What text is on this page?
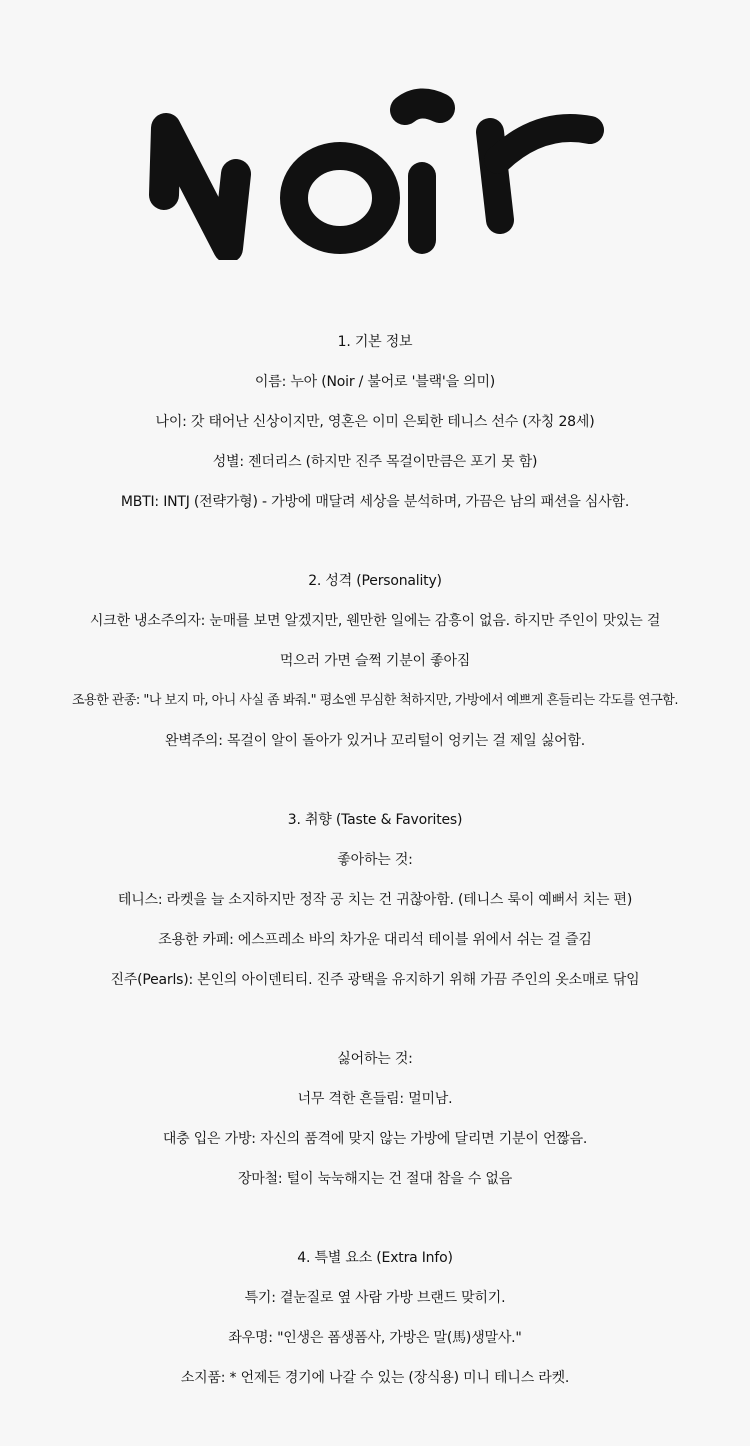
Noir
1. 기본 정보
이름: 누아 (Noir / 불어로 '블랙'을 의미)
나이: 갓 태어난 신상이지만, 영혼은 이미 은퇴한 테니스 선수 (자칭 28세)
성별: 젠더리스 (하지만 진주 목걸이만큼은 포기 못 함)
MBTI: INTJ (전략가형) - 가방에 매달려 세상을 분석하며, 가끔은 남의 패션을 심사함.
2. 성격 (Personality)
시크한 냉소주의자: 눈매를 보면 알겠지만, 웬만한 일에는 감흥이 없음. 하지만 주인이 맛있는 걸
먹으러 가면 슬쩍 기분이 좋아짐
조용한 관종: "나 보지 마, 아니 사실 좀 봐줘." 평소엔 무심한 척하지만, 가방에서 예쁘게 흔들리는 각도를 연구함.
완벽주의: 목걸이 알이 돌아가 있거나 꼬리털이 엉키는 걸 제일 싫어함.
3. 취향 (Taste & Favorites)
좋아하는 것:
테니스: 라켓을 늘 소지하지만 정작 공 치는 건 귀찮아함. (테니스 룩이 예뻐서 치는 편)
조용한 카페: 에스프레소 바의 차가운 대리석 테이블 위에서 쉬는 걸 즐김
진주(Pearls): 본인의 아이덴티티. 진주 광택을 유지하기 위해 가끔 주인의 옷소매로 닦임
싫어하는 것:
너무 격한 흔들림: 멀미남.
대충 입은 가방: 자신의 품격에 맞지 않는 가방에 달리면 기분이 언짢음.
장마철: 털이 눅눅해지는 건 절대 참을 수 없음
4. 특별 요소 (Extra Info)
특기: 곁눈질로 옆 사람 가방 브랜드 맞히기.
좌우명: "인생은 폼생폼사, 가방은 말(馬)생말사."
소지품: * 언제든 경기에 나갈 수 있는 (장식용) 미니 테니스 라켓.
